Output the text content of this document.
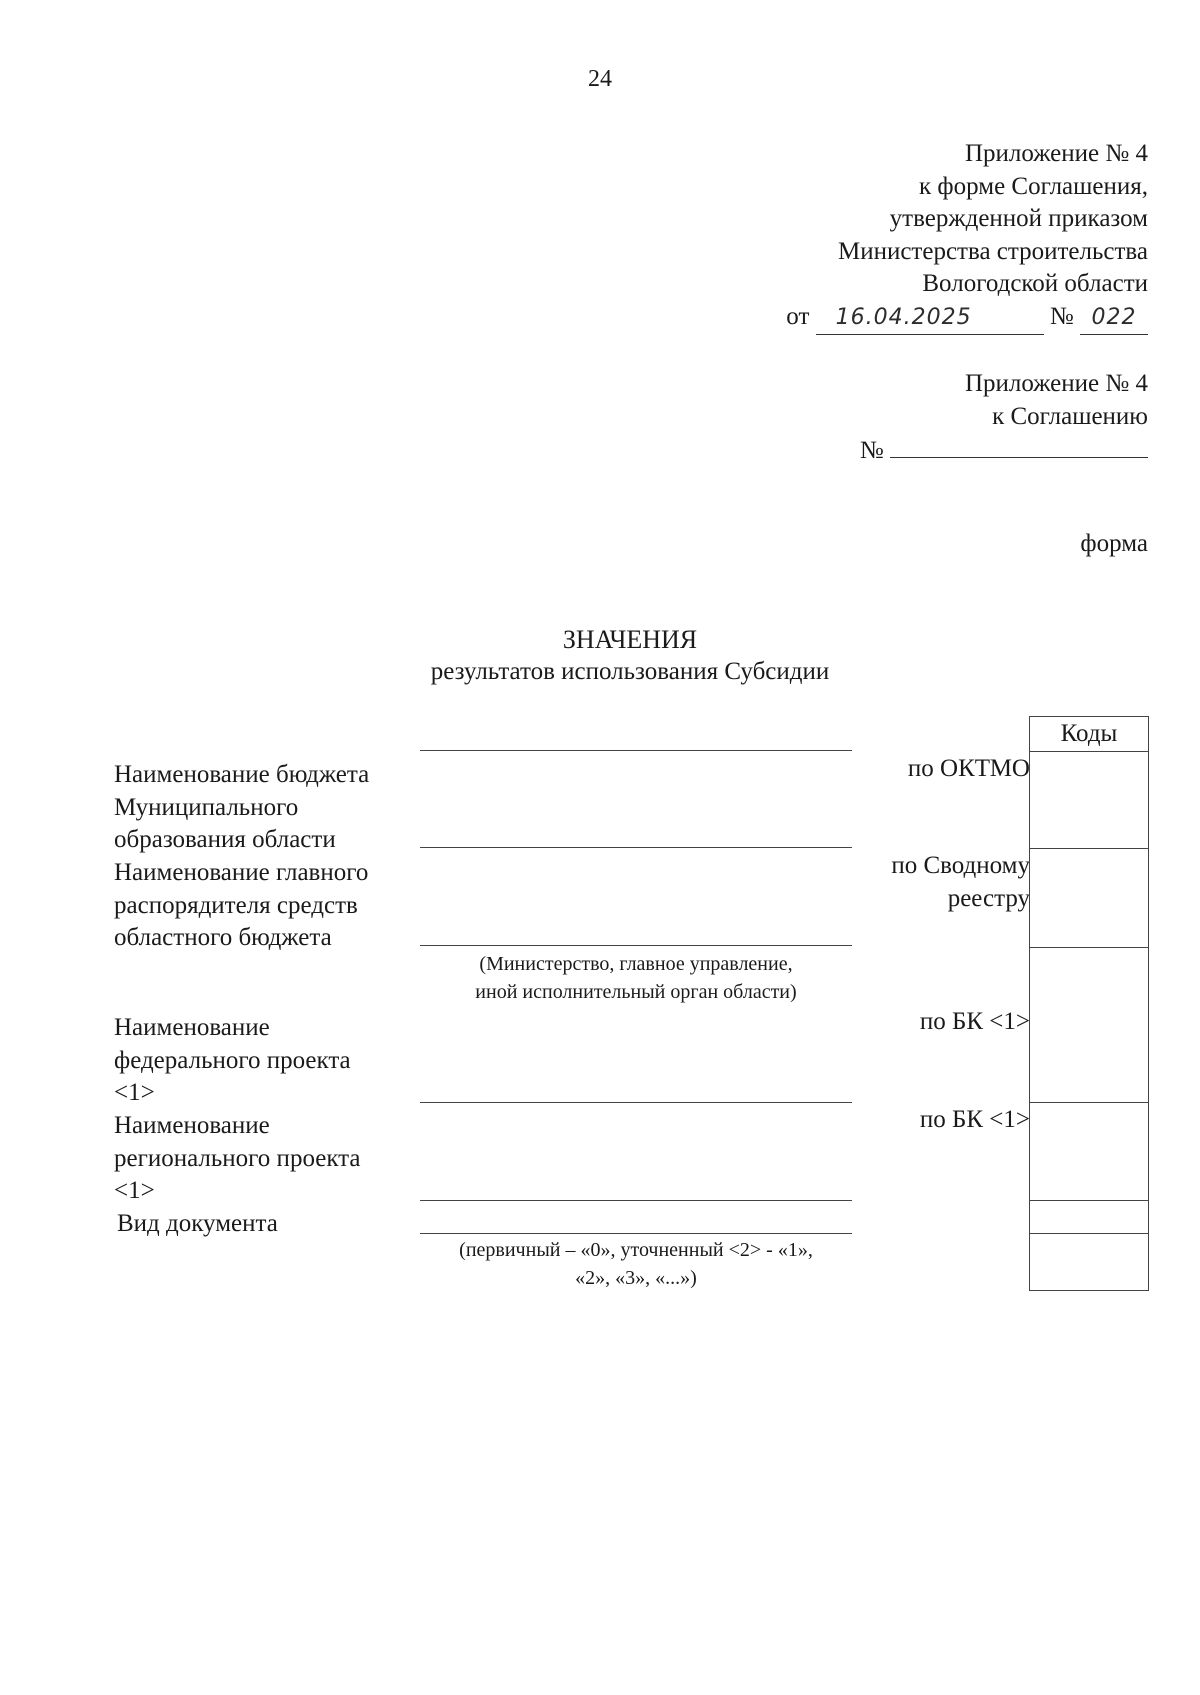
24
Приложение № 4
к форме Соглашения,
утвержденной приказом
Министерства строительства
Вологодской области
от 16.04.2025	№ 022
Приложение № 4
к Соглашению
№
форма
ЗНАЧЕНИЯ
результатов использования Субсидии
Наименование бюджета
Муниципального
образования области
Наименование главного
распорядителя средств
областного бюджета
Наименование
федерального проекта
<1>
Наименование
регионального проекта
<1>
Вид документа
(Министерство, главное управление,
иной исполнительный орган области)
(первичный – «0», уточненный <2> - «1»,
«2», «3», «...»)
по ОКТМО
по Сводному
реестру
по БК <1>
по БК <1>
Коды
